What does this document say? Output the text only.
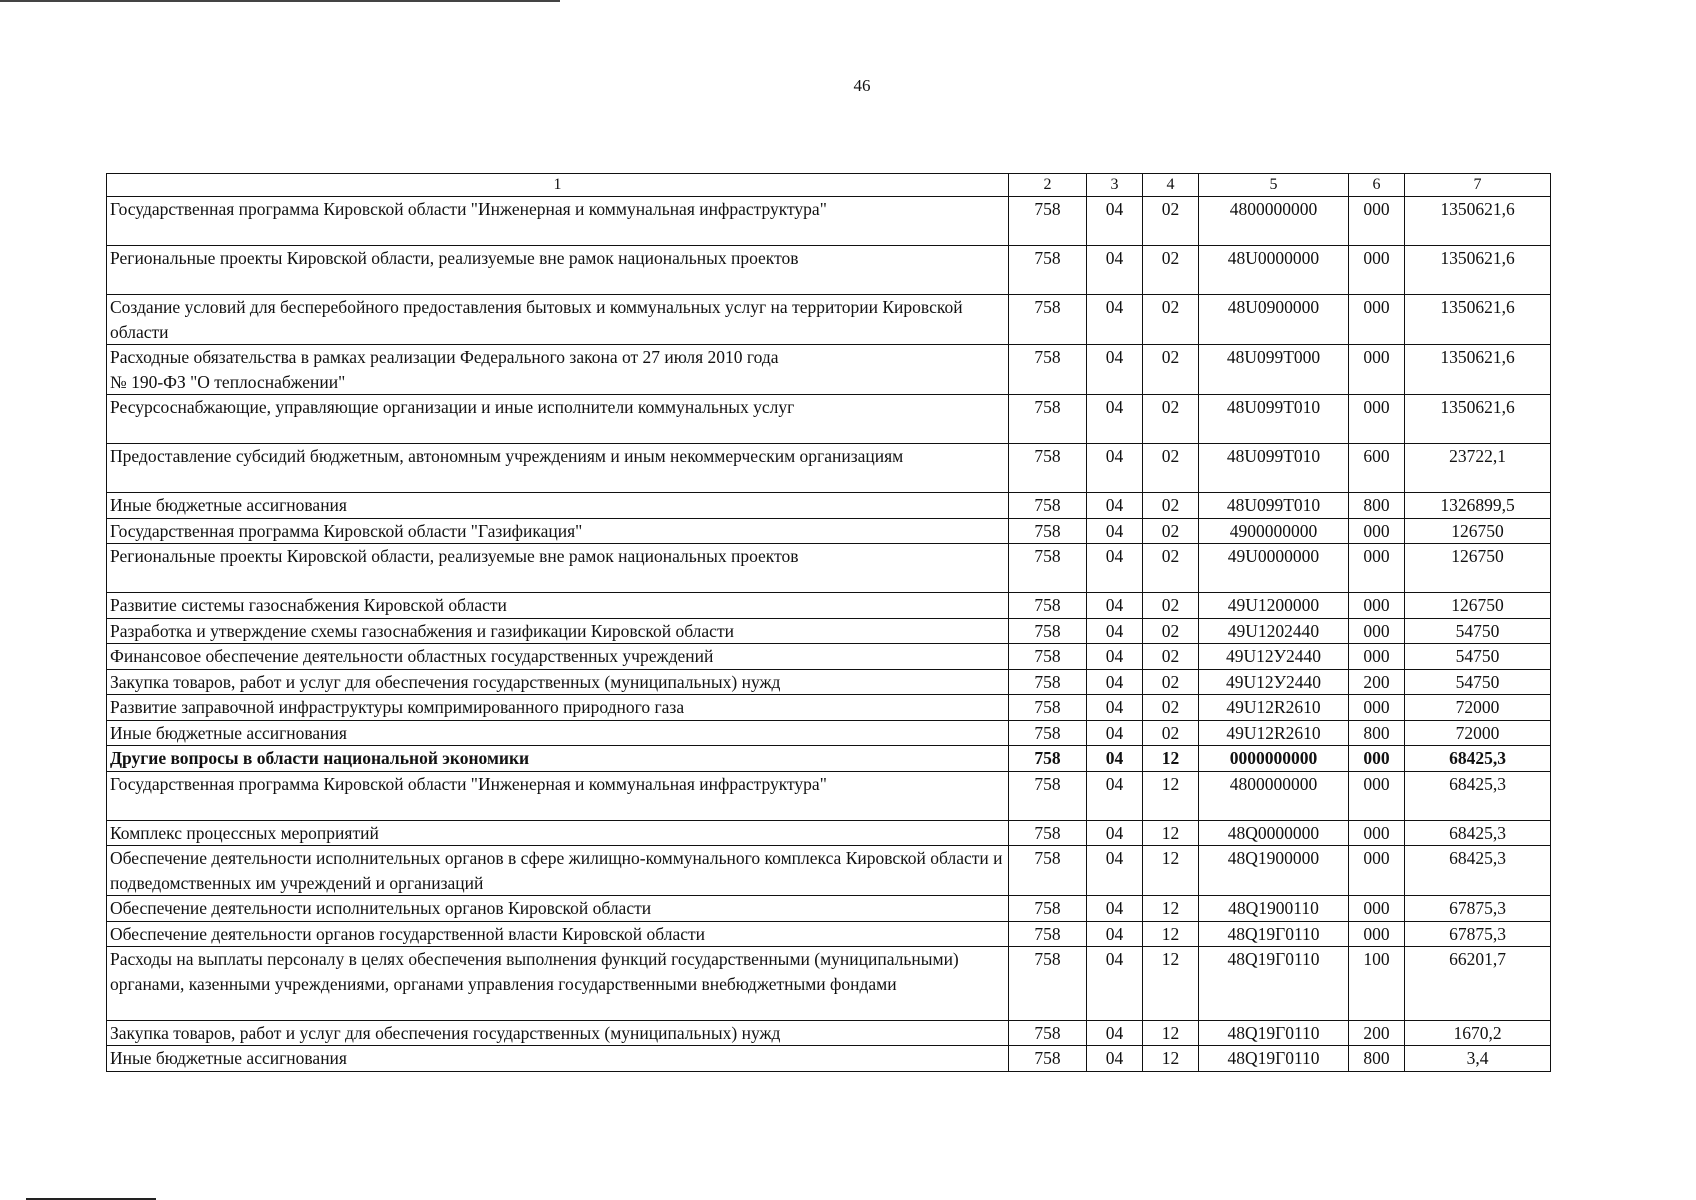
46
1	2	3	4	5	6	7
Государственная программа Кировской области "Инженерная и коммунальная инфраструктура"	758	04	02	4800000000	000	1350621,6
Региональные проекты Кировской области, реализуемые вне рамок национальных проектов	758	04	02	48U0000000	000	1350621,6
Создание условий для бесперебойного предоставления бытовых и коммунальных услуг на территории Кировской области	758	04	02	48U0900000	000	1350621,6
Расходные обязательства в рамках реализации Федерального закона от 27 июля 2010 года
№ 190-ФЗ "О теплоснабжении"	758	04	02	48U099Т000	000	1350621,6
Ресурсоснабжающие, управляющие организации и иные исполнители коммунальных услуг	758	04	02	48U099Т010	000	1350621,6
Предоставление субсидий бюджетным, автономным учреждениям и иным некоммерческим организациям	758	04	02	48U099Т010	600	23722,1
Иные бюджетные ассигнования	758	04	02	48U099Т010	800	1326899,5
Государственная программа Кировской области "Газификация"	758	04	02	4900000000	000	126750
Региональные проекты Кировской области, реализуемые вне рамок национальных проектов	758	04	02	49U0000000	000	126750
Развитие системы газоснабжения Кировской области	758	04	02	49U1200000	000	126750
Разработка и утверждение схемы газоснабжения и газификации Кировской области	758	04	02	49U1202440	000	54750
Финансовое обеспечение деятельности областных государственных учреждений	758	04	02	49U12У2440	000	54750
Закупка товаров, работ и услуг для обеспечения государственных (муниципальных) нужд	758	04	02	49U12У2440	200	54750
Развитие заправочной инфраструктуры компримированного природного газа	758	04	02	49U12R2610	000	72000
Иные бюджетные ассигнования	758	04	02	49U12R2610	800	72000
Другие вопросы в области национальной экономики	758	04	12	0000000000	000	68425,3
Государственная программа Кировской области "Инженерная и коммунальная инфраструктура"	758	04	12	4800000000	000	68425,3
Комплекс процессных мероприятий	758	04	12	48Q0000000	000	68425,3
Обеспечение деятельности исполнительных органов в сфере жилищно-коммунального комплекса Кировской области и подведомственных им учреждений и организаций	758	04	12	48Q1900000	000	68425,3
Обеспечение деятельности исполнительных органов Кировской области	758	04	12	48Q1900110	000	67875,3
Обеспечение деятельности органов государственной власти Кировской области	758	04	12	48Q19Г0110	000	67875,3
Расходы на выплаты персоналу в целях обеспечения выполнения функций государственными (муниципальными) органами, казенными учреждениями, органами управления государственными внебюджетными фондами	758	04	12	48Q19Г0110	100	66201,7
Закупка товаров, работ и услуг для обеспечения государственных (муниципальных) нужд	758	04	12	48Q19Г0110	200	1670,2
Иные бюджетные ассигнования	758	04	12	48Q19Г0110	800	3,4
